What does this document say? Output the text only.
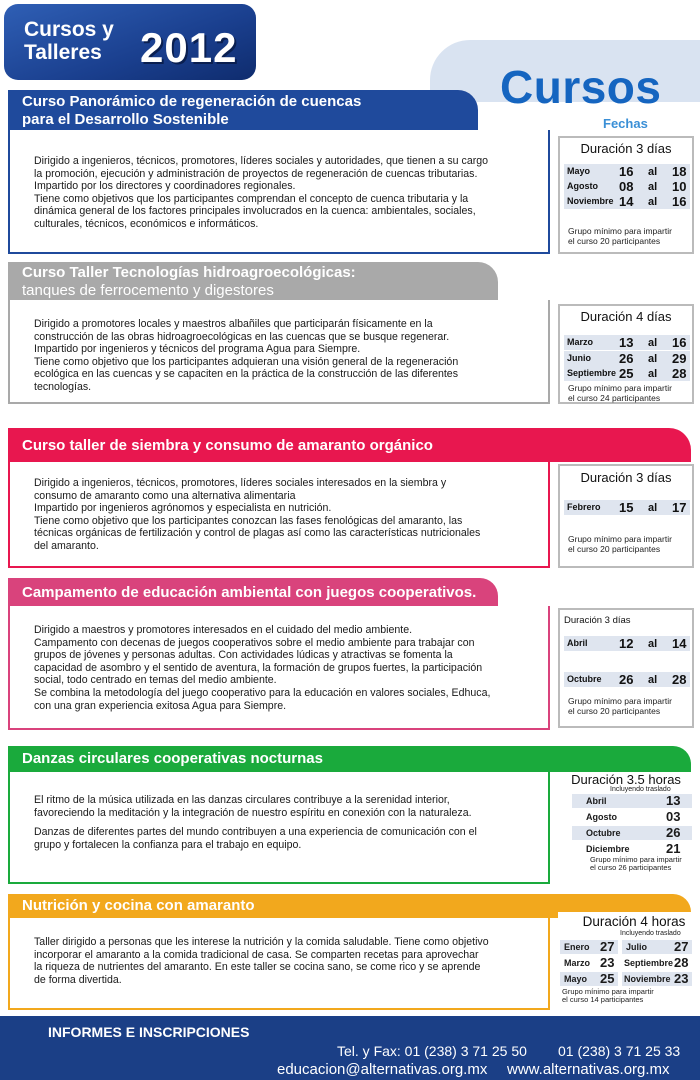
Cursos y
Talleres 2012
Cursos
Fechas
Curso Panorámico de regeneración de cuencas
para el Desarrollo Sostenible

Dirigido a ingenieros, técnicos, promotores, líderes sociales y autoridades, que tienen a su cargo

la promoción, ejecución y administración de proyectos de regeneración de cuencas tributarias.

Impartido por los directores y coordinadores regionales.

Tiene como objetivos que los participantes comprendan el concepto de cuenca tributaria y la

dinámica general de los factores principales involucrados en la cuenca: ambientales, sociales,

culturales, técnicos, económicos e informáticos.

Duración 3 días
Mayo 16 al 18
Agosto 08 al 10
Noviembre 14 al 16
Grupo mínimo para impartir
el curso 20 participantes
Curso Taller Tecnologías hidroagroecológicas:
tanques de ferrocemento y digestores

Dirigido a promotores locales y maestros albañiles que participarán físicamente en la

construcción de las obras hidroagroecológicas en las cuencas que se busque regenerar.

Impartido por ingenieros y técnicos del programa Agua para Siempre.

Tiene como objetivo que los participantes adquieran una visión general de la regeneración

ecológica en las cuencas y se capaciten en la práctica de la construcción de las diferentes

tecnologías.

Duración 4 días
Marzo 13 al 16
Junio 26 al 29
Septiembre 25 al 28
Grupo mínimo para impartir
el curso 24 participantes
Curso taller de siembra y consumo de amaranto orgánico

Dirigido a ingenieros, técnicos, promotores, líderes sociales interesados en la siembra y

consumo de amaranto como una alternativa alimentaria

Impartido por ingenieros agrónomos y especialista en nutrición.

Tiene como objetivo que los participantes conozcan las fases fenológicas del amaranto, las

técnicas orgánicas de fertilización y control de plagas así como las características nutricionales

del amaranto.

Duración 3 días
Febrero 15 al 17
Grupo mínimo para impartir
el curso 20 participantes
Campamento de educación ambiental con juegos cooperativos.

Dirigido a maestros y promotores interesados en el cuidado del medio ambiente.

Campamento con decenas de juegos cooperativos sobre el medio ambiente para trabajar con

grupos de jóvenes y personas adultas. Con actividades lúdicas y atractivas se fomenta la

capacidad de asombro y el sentido de aventura, la formación de grupos fuertes, la participación

social, todo centrado en temas del medio ambiente.

Se combina la metodología del juego cooperativo para la educación en valores sociales, Edhuca,

con una gran experiencia exitosa Agua para Siempre.

Duración 3 días
Abril 12 al 14
Octubre 26 al 28
Grupo mínimo para impartir
el curso 20 participantes
Danzas circulares cooperativas nocturnas

El ritmo de la música utilizada en las danzas circulares contribuye a la serenidad interior,

favoreciendo la meditación y la integración de nuestro espíritu en conexión con la naturaleza.

Danzas de diferentes partes del mundo contribuyen a una experiencia de comunicación con el

grupo y fortalecen la confianza para el trabajo en equipo.

Duración 3.5 horas
Incluyendo traslado
Abril	13
Agosto	03
Octubre	26
Diciembre	21
Grupo mínimo para impartir
el curso 26 participantes
Nutrición y cocina con amaranto

Taller dirigido a personas que les interese la nutrición y la comida saludable. Tiene como objetivo

incorporar el amaranto a la comida tradicional de casa. Se comparten recetas para aprovechar

la riqueza de nutrientes del amaranto. En este taller se cocina sano, se come rico y se aprende

de forma divertida.

Duración 4 horas
Incluyendo traslado
Enero 27 Julio 27
Marzo 23 Septiembre 28
Mayo 25 Noviembre 23
Grupo mínimo para impartir
el curso 14 participantes
INFORMES E INSCRIPCIONES
Tel. y Fax: 01 (238) 3 71 25 50 01 (238) 3 71 25 33
educacion@alternativas.org.mx www.alternativas.org.mx
